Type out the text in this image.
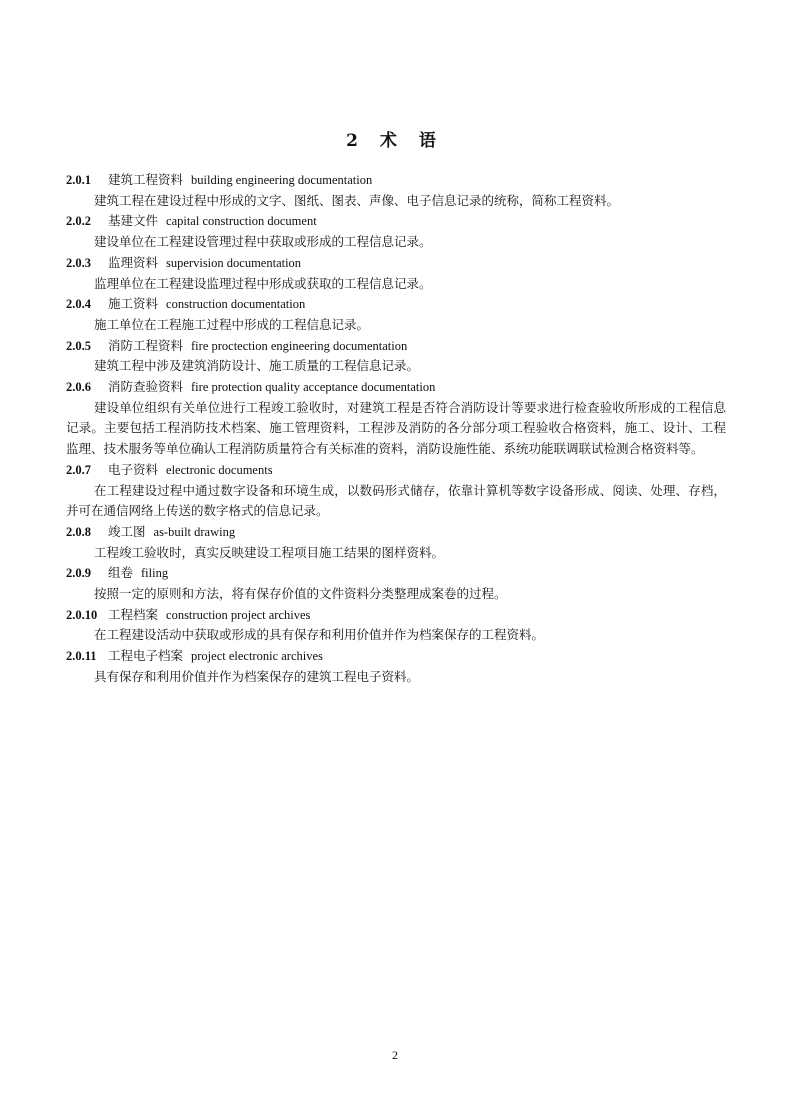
2 术 语
2.0.1 建筑工程资料 building engineering documentation
建筑工程在建设过程中形成的文字、图纸、图表、声像、电子信息记录的统称，简称工程资料。
2.0.2 基建文件 capital construction document
建设单位在工程建设管理过程中获取或形成的工程信息记录。
2.0.3 监理资料 supervision documentation
监理单位在工程建设监理过程中形成或获取的工程信息记录。
2.0.4 施工资料 construction documentation
施工单位在工程施工过程中形成的工程信息记录。
2.0.5 消防工程资料 fire proctection engineering documentation
建筑工程中涉及建筑消防设计、施工质量的工程信息记录。
2.0.6 消防查验资料 fire protection quality acceptance documentation
建设单位组织有关单位进行工程竣工验收时，对建筑工程是否符合消防设计等要求进行检查验收所形成的工程信息记录。主要包括工程消防技术档案、施工管理资料，工程涉及消防的各分部分项工程验收合格资料，施工、设计、工程监理、技术服务等单位确认工程消防质量符合有关标准的资料，消防设施性能、系统功能联调联试检测合格资料等。
2.0.7 电子资料 electronic documents
在工程建设过程中通过数字设备和环境生成，以数码形式储存，依靠计算机等数字设备形成、阅读、处理、存档，并可在通信网络上传送的数字格式的信息记录。
2.0.8 竣工图 as-built drawing
工程竣工验收时，真实反映建设工程项目施工结果的图样资料。
2.0.9 组卷 filing
按照一定的原则和方法，将有保存价值的文件资料分类整理成案卷的过程。
2.0.10 工程档案 construction project archives
在工程建设活动中获取或形成的具有保存和利用价值并作为档案保存的工程资料。
2.0.11 工程电子档案 project electronic archives
具有保存和利用价值并作为档案保存的建筑工程电子资料。
2
